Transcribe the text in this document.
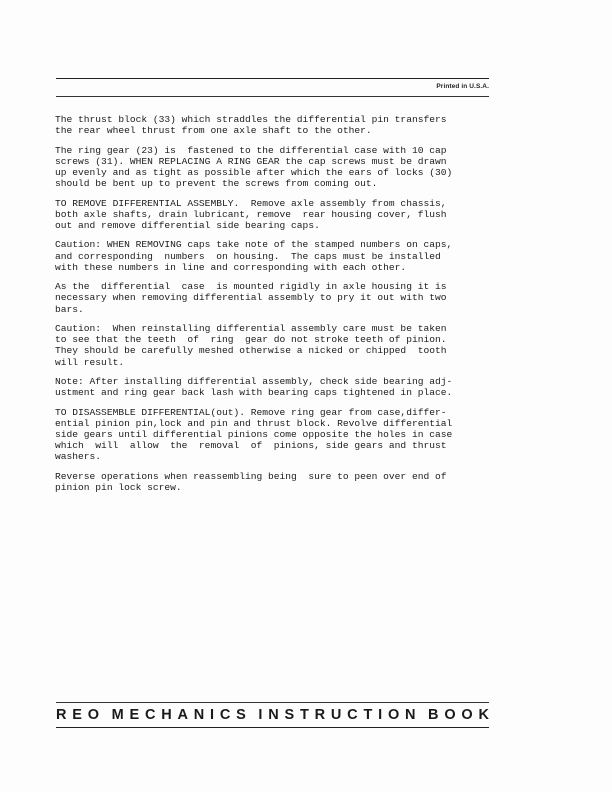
Printed in U.S.A.

The thrust block (33) which straddles the differential pin transfers
the rear wheel thrust from one axle shaft to the other.

The ring gear (23) is  fastened to the differential case with 10 cap
screws (31). WHEN REPLACING A RING GEAR the cap screws must be drawn
up evenly and as tight as possible after which the ears of locks (30)
should be bent up to prevent the screws from coming out.

TO REMOVE DIFFERENTIAL ASSEMBLY.  Remove axle assembly from chassis,
both axle shafts, drain lubricant, remove  rear housing cover, flush
out and remove differential side bearing caps.

Caution: WHEN REMOVING caps take note of the stamped numbers on caps,
and corresponding  numbers  on housing.  The caps must be installed
with these numbers in line and corresponding with each other.

As the  differential  case  is mounted rigidly in axle housing it is
necessary when removing differential assembly to pry it out with two
bars.

Caution:  When reinstalling differential assembly care must be taken
to see that the teeth  of  ring  gear do not stroke teeth of pinion.
They should be carefully meshed otherwise a nicked or chipped  tooth
will result.

Note: After installing differential assembly, check side bearing adj-
ustment and ring gear back lash with bearing caps tightened in place.

TO DISASSEMBLE DIFFERENTIAL(out). Remove ring gear from case,differ-
ential pinion pin,lock and pin and thrust block. Revolve differential
side gears until differential pinions come opposite the holes in case
which  will  allow  the  removal  of  pinions, side gears and thrust
washers.

Reverse operations when reassembling being  sure to peen over end of
pinion pin lock screw.

R  E  O M  E  C  H  A  N  I  C  S I  N  S  T  R  U  C  T  I  O  N B  O  O  K
